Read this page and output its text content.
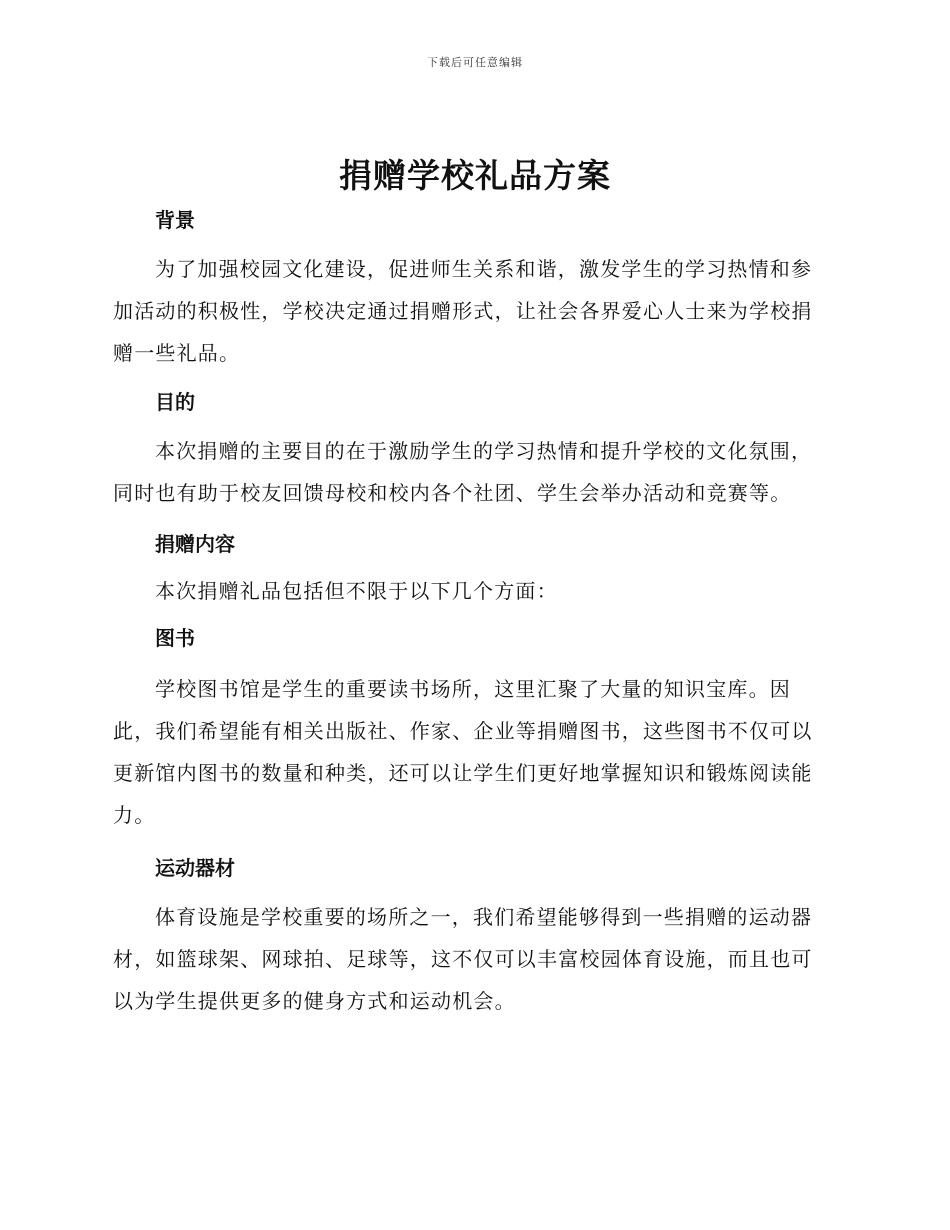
下载后可任意编辑
捐赠学校礼品方案
背景

为了加强校园文化建设，促进师生关系和谐，激发学生的学习热情和参加活动的积极性，学校决定通过捐赠形式，让社会各界爱心人士来为学校捐赠一些礼品。

目的

本次捐赠的主要目的在于激励学生的学习热情和提升学校的文化氛围，同时也有助于校友回馈母校和校内各个社团、学生会举办活动和竞赛等。

捐赠内容

本次捐赠礼品包括但不限于以下几个方面：

图书

学校图书馆是学生的重要读书场所，这里汇聚了大量的知识宝库。因此，我们希望能有相关出版社、作家、企业等捐赠图书，这些图书不仅可以更新馆内图书的数量和种类，还可以让学生们更好地掌握知识和锻炼阅读能力。

运动器材

体育设施是学校重要的场所之一，我们希望能够得到一些捐赠的运动器材，如篮球架、网球拍、足球等，这不仅可以丰富校园体育设施，而且也可以为学生提供更多的健身方式和运动机会。
